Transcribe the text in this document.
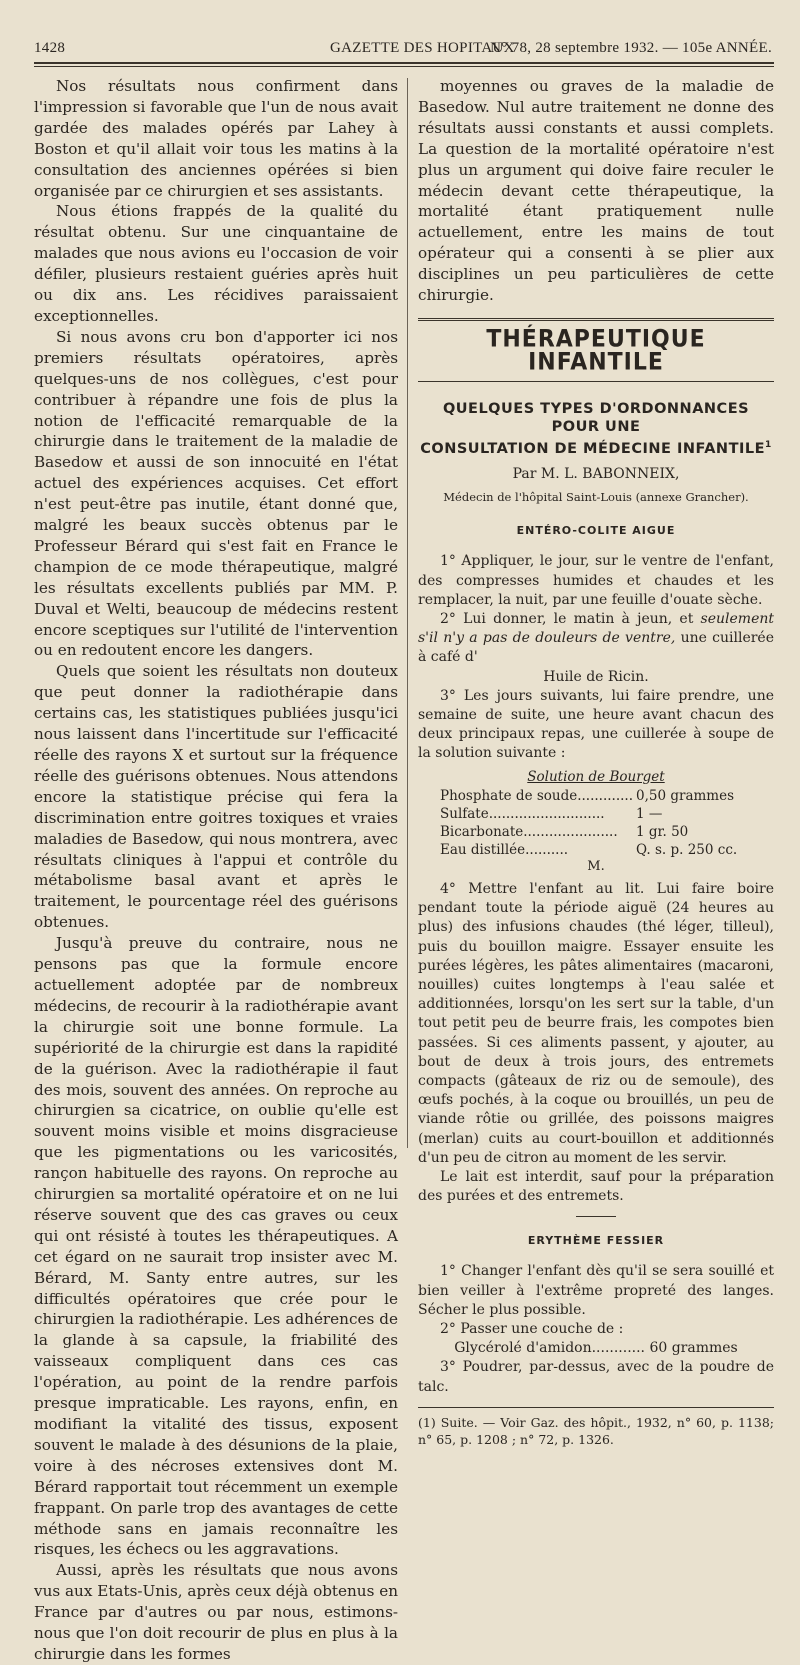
1428	GAZETTE DES HOPITAUX
N° 78, 28 septembre 1932. — 105e ANNÉE.

Nos résultats nous confirment dans l'impression si favorable que l'un de nous avait gardée des malades opérés par Lahey à Boston et qu'il allait voir tous les matins à la consultation des anciennes opérées si bien organisée par ce chirurgien et ses assistants.

Nous étions frappés de la qualité du résultat obtenu. Sur une cinquantaine de malades que nous avions eu l'occasion de voir défiler, plusieurs restaient guéries après huit ou dix ans. Les récidives paraissaient exceptionnelles.

Si nous avons cru bon d'apporter ici nos premiers résultats opératoires, après quelques-uns de nos collègues, c'est pour contribuer à répandre une fois de plus la notion de l'efficacité remarquable de la chirurgie dans le traitement de la maladie de Basedow et aussi de son innocuité en l'état actuel des expériences acquises. Cet effort n'est peut-être pas inutile, étant donné que, malgré les beaux succès obtenus par le Professeur Bérard qui s'est fait en France le champion de ce mode thérapeutique, malgré les résultats excellents publiés par MM. P. Duval et Welti, beaucoup de médecins restent encore sceptiques sur l'utilité de l'intervention ou en redoutent encore les dangers.

Quels que soient les résultats non douteux que peut donner la radiothérapie dans certains cas, les statistiques publiées jusqu'ici nous laissent dans l'incertitude sur l'efficacité réelle des rayons X et surtout sur la fréquence réelle des guérisons obtenues. Nous attendons encore la statistique précise qui fera la discrimination entre goitres toxiques et vraies maladies de Basedow, qui nous montrera, avec résultats cliniques à l'appui et contrôle du métabolisme basal avant et après le traitement, le pourcentage réel des guérisons obtenues.

Jusqu'à preuve du contraire, nous ne pensons pas que la formule encore actuellement adoptée par de nombreux médecins, de recourir à la radiothérapie avant la chirurgie soit une bonne formule. La supériorité de la chirurgie est dans la rapidité de la guérison. Avec la radiothérapie il faut des mois, souvent des années. On reproche au chirurgien sa cicatrice, on oublie qu'elle est souvent moins visible et moins disgracieuse que les pigmentations ou les varicosités, rançon habituelle des rayons. On reproche au chirurgien sa mortalité opératoire et on ne lui réserve souvent que des cas graves ou ceux qui ont résisté à toutes les thérapeutiques. A cet égard on ne saurait trop insister avec M. Bérard, M. Santy entre autres, sur les difficultés opératoires que crée pour le chirurgien la radiothérapie. Les adhérences de la glande à sa capsule, la friabilité des vaisseaux compliquent dans ces cas l'opération, au point de la rendre parfois presque impraticable. Les rayons, enfin, en modifiant la vitalité des tissus, exposent souvent le malade à des désunions de la plaie, voire à des nécroses extensives dont M. Bérard rapportait tout récemment un exemple frappant. On parle trop des avantages de cette méthode sans en jamais reconnaître les risques, les échecs ou les aggravations.

Aussi, après les résultats que nous avons vus aux Etats-Unis, après ceux déjà obtenus en France par d'autres ou par nous, estimons-nous que l'on doit recourir de plus en plus à la chirurgie dans les formes

moyennes ou graves de la maladie de Basedow. Nul autre traitement ne donne des résultats aussi constants et aussi complets. La question de la mortalité opératoire n'est plus un argument qui doive faire reculer le médecin devant cette thérapeutique, la mortalité étant pratiquement nulle actuellement, entre les mains de tout opérateur qui a consenti à se plier aux disciplines un peu particulières de cette chirurgie.

THÉRAPEUTIQUE INFANTILE
QUELQUES TYPES D'ORDONNANCES
POUR UNE
CONSULTATION DE MÉDECINE INFANTILE$^1$
Par M. L. BABONNEIX,
Médecin de l'hôpital Saint-Louis (annexe Grancher).
ENTÉRO-COLITE AIGUE

1° Appliquer, le jour, sur le ventre de l'enfant, des compresses humides et chaudes et les remplacer, la nuit, par une feuille d'ouate sèche.

2° Lui donner, le matin à jeun, et seulement s'il n'y a pas de douleurs de ventre, une cuillerée à café d'

Huile de Ricin.

3° Les jours suivants, lui faire prendre, une semaine de suite, une heure avant chacun des deux principaux repas, une cuillerée à soupe de la solution suivante :

Solution de Bourget
Phosphate de soude............. 0,50 grammes
Sulfate........................... 1 —
Bicarbonate...................... 1 gr. 50
Eau distillée..........	Q. s. p. 250 cc.
M.

4° Mettre l'enfant au lit. Lui faire boire pendant toute la période aiguë (24 heures au plus) des infusions chaudes (thé léger, tilleul), puis du bouillon maigre. Essayer ensuite les purées légères, les pâtes alimentaires (macaroni, nouilles) cuites longtemps à l'eau salée et additionnées, lorsqu'on les sert sur la table, d'un tout petit peu de beurre frais, les compotes bien passées. Si ces aliments passent, y ajouter, au bout de deux à trois jours, des entremets compacts (gâteaux de riz ou de semoule), des œufs pochés, à la coque ou brouillés, un peu de viande rôtie ou grillée, des poissons maigres (merlan) cuits au court-bouillon et additionnés d'un peu de citron au moment de les servir.

Le lait est interdit, sauf pour la préparation des purées et des entremets.

ERYTHÈME FESSIER

1° Changer l'enfant dès qu'il se sera souillé et bien veiller à l'extrême propreté des langes. Sécher le plus possible.

2° Passer une couche de :

Glycérolé d'amidon............ 60 grammes

3° Poudrer, par-dessus, avec de la poudre de talc.

(1) Suite. — Voir Gaz. des hôpit., 1932, n° 60, p. 1138; n° 65, p. 1208 ; n° 72, p. 1326.
